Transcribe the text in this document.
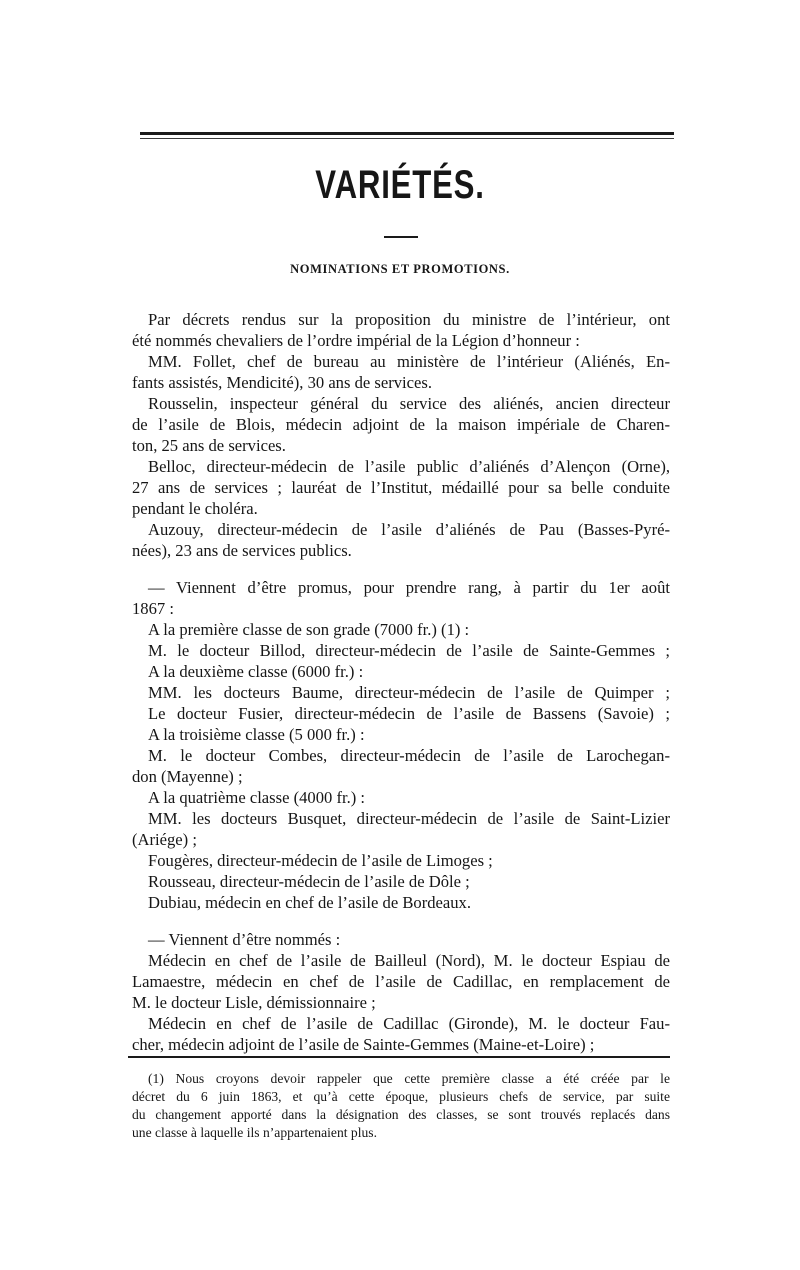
VARIÉTÉS.
NOMINATIONS ET PROMOTIONS.
Par décrets rendus sur la proposition du ministre de l’intérieur, ont
été nommés chevaliers de l’ordre impérial de la Légion d’honneur :
MM. Follet, chef de bureau au ministère de l’intérieur (Aliénés, En-
fants assistés, Mendicité), 30 ans de services.
Rousselin, inspecteur général du service des aliénés, ancien directeur
de l’asile de Blois, médecin adjoint de la maison impériale de Charen-
ton, 25 ans de services.
Belloc, directeur-médecin de l’asile public d’aliénés d’Alençon (Orne),
27 ans de services ; lauréat de l’Institut, médaillé pour sa belle conduite
pendant le choléra.
Auzouy, directeur-médecin de l’asile d’aliénés de Pau (Basses-Pyré-
nées), 23 ans de services publics.
— Viennent d’être promus, pour prendre rang, à partir du 1er août
1867 :
A la première classe de son grade (7000 fr.) (1) :
M. le docteur Billod, directeur-médecin de l’asile de Sainte-Gemmes ;
A la deuxième classe (6000 fr.) :
MM. les docteurs Baume, directeur-médecin de l’asile de Quimper ;
Le docteur Fusier, directeur-médecin de l’asile de Bassens (Savoie) ;
A la troisième classe (5 000 fr.) :
M. le docteur Combes, directeur-médecin de l’asile de Larochegan-
don (Mayenne) ;
A la quatrième classe (4000 fr.) :
MM. les docteurs Busquet, directeur-médecin de l’asile de Saint-Lizier
(Ariége) ;
Fougères, directeur-médecin de l’asile de Limoges ;
Rousseau, directeur-médecin de l’asile de Dôle ;
Dubiau, médecin en chef de l’asile de Bordeaux.
— Viennent d’être nommés :
Médecin en chef de l’asile de Bailleul (Nord), M. le docteur Espiau de
Lamaestre, médecin en chef de l’asile de Cadillac, en remplacement de
M. le docteur Lisle, démissionnaire ;
Médecin en chef de l’asile de Cadillac (Gironde), M. le docteur Fau-
(1) Nous croyons devoir rappeler que cette première classe a été créée par le
décret du 6 juin 1863, et qu’à cette époque, plusieurs chefs de service, par suite
du changement apporté dans la désignation des classes, se sont trouvés replacés dans
une classe à laquelle ils n’appartenaient plus.
cher, médecin adjoint de l’asile de Sainte-Gemmes (Maine-et-Loire) ;
